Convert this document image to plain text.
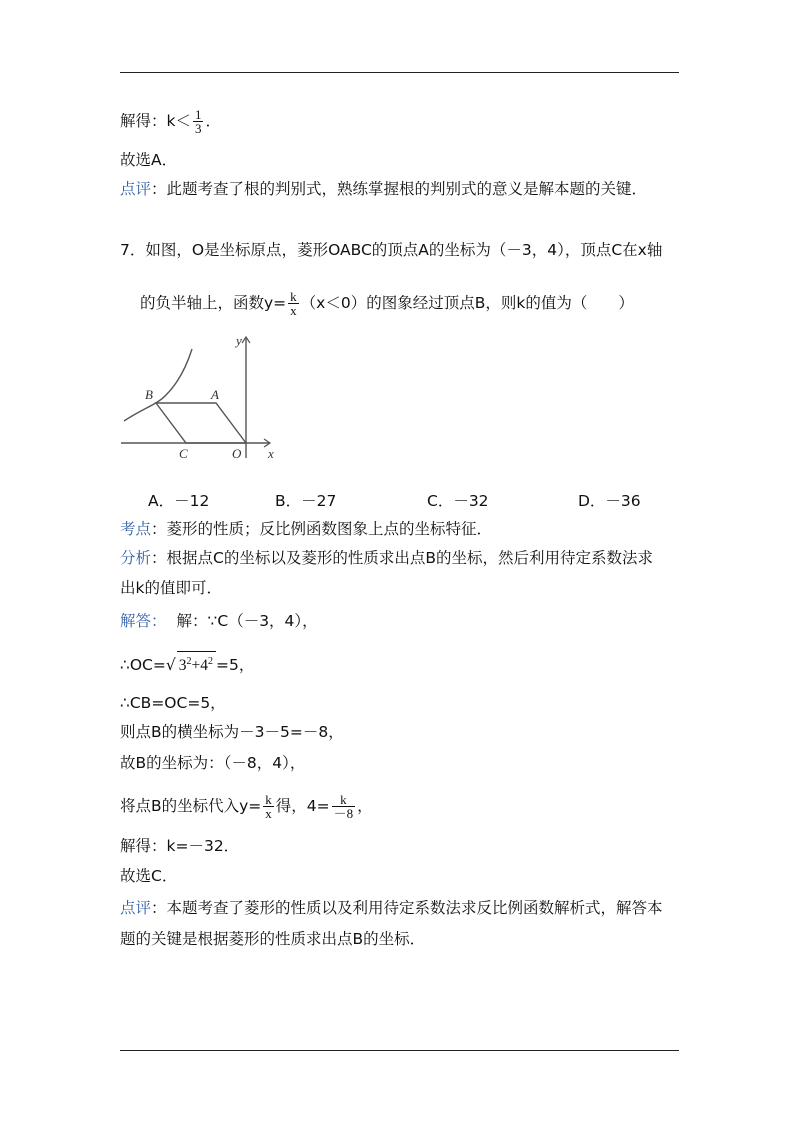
解得：$k< \frac{1}{3}$ ．
故选A．
点评：此题考查了根的判别式，熟练掌握根的判别式的意义是解本题的关键．
7．如图，O是坐标原点，菱形OABC的顶点A的坐标为（－3，4），顶点C在x轴
的负半轴上，函数$y= \frac{k}{x} (x<0)$的图象经过顶点B，则k的值为（　　）
y
x
B	A
C	O
A．－12	B．－27	C．－32	D．－36
考点：菱形的性质；反比例函数图象上点的坐标特征．
分析：根据点C的坐标以及菱形的性质求出点B的坐标，然后利用待定系数法求
出k的值即可．
解答： 解：∵C（－3，4），
∴OC=√ $3^2+4^2 =5$，
∴CB=OC=5，
则点B的横坐标为－3－5=－8，
故B的坐标为：（－8，4），
将点B的坐标代入$y= \frac{k}{x}$ 得，$4= \frac{k}{-8}$ ，
解得：k=－32．
故选C．
点评：本题考查了菱形的性质以及利用待定系数法求反比例函数解析式，解答本
题的关键是根据菱形的性质求出点B的坐标．
